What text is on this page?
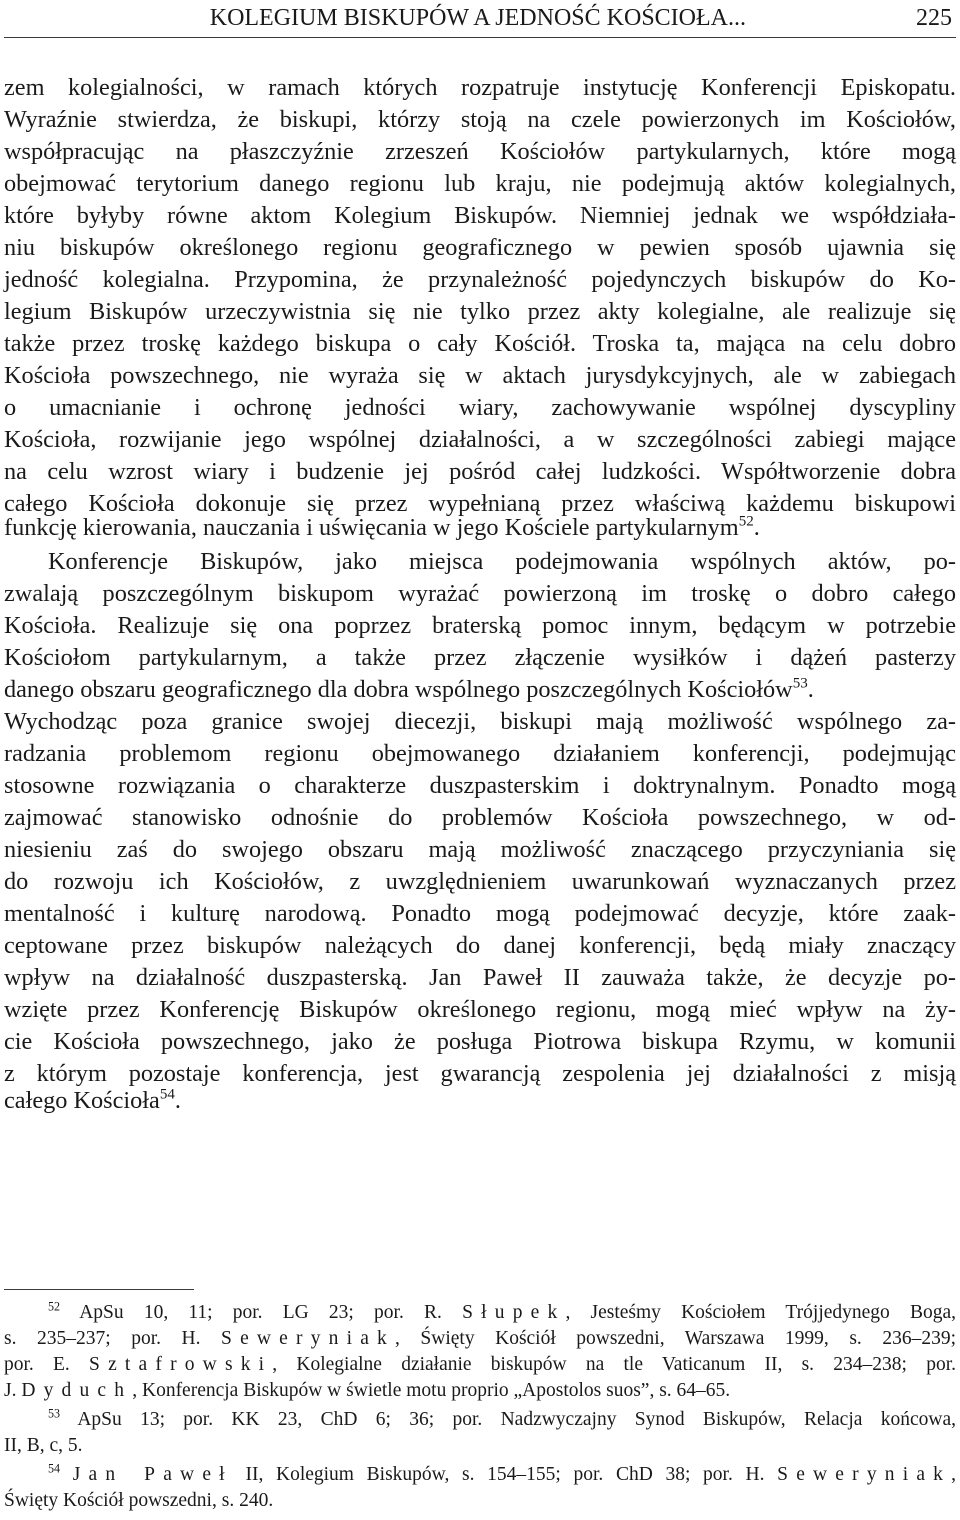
KOLEGIUM BISKUPÓW A JEDNOŚĆ KOŚCIOŁA...	225
zem kolegialności, w ramach których rozpatruje instytucję Konferencji Episkopatu.
Wyraźnie stwierdza, że biskupi, którzy stoją na czele powierzonych im Kościołów,
współpracując na płaszczyźnie zrzeszeń Kościołów partykularnych, które mogą
obejmować terytorium danego regionu lub kraju, nie podejmują aktów kolegialnych,
które byłyby równe aktom Kolegium Biskupów. Niemniej jednak we współdziała-
niu biskupów określonego regionu geograficznego w pewien sposób ujawnia się
jedność kolegialna. Przypomina, że przynależność pojedynczych biskupów do Ko-
legium Biskupów urzeczywistnia się nie tylko przez akty kolegialne, ale realizuje się
także przez troskę każdego biskupa o cały Kościół. Troska ta, mająca na celu dobro
Kościoła powszechnego, nie wyraża się w aktach jurysdykcyjnych, ale w zabiegach
o umacnianie i ochronę jedności wiary, zachowywanie wspólnej dyscypliny
Kościoła, rozwijanie jego wspólnej działalności, a w szczególności zabiegi mające
na celu wzrost wiary i budzenie jej pośród całej ludzkości. Współtworzenie dobra
całego Kościoła dokonuje się przez wypełnianą przez właściwą każdemu biskupowi
funkcję kierowania, nauczania i uświęcania w jego Kościele partykularnym$^{52}$.
Konferencje Biskupów, jako miejsca podejmowania wspólnych aktów, po-
zwalają poszczególnym biskupom wyrażać powierzoną im troskę o dobro całego
Kościoła. Realizuje się ona poprzez braterską pomoc innym, będącym w potrzebie
Kościołom partykularnym, a także przez złączenie wysiłków i dążeń pasterzy
danego obszaru geograficznego dla dobra wspólnego poszczególnych Kościołów$^{53}$.
Wychodząc poza granice swojej diecezji, biskupi mają możliwość wspólnego za-
radzania problemom regionu obejmowanego działaniem konferencji, podejmując
stosowne rozwiązania o charakterze duszpasterskim i doktrynalnym. Ponadto mogą
zajmować stanowisko odnośnie do problemów Kościoła powszechnego, w od-
niesieniu zaś do swojego obszaru mają możliwość znaczącego przyczyniania się
do rozwoju ich Kościołów, z uwzględnieniem uwarunkowań wyznaczanych przez
mentalność i kulturę narodową. Ponadto mogą podejmować decyzje, które zaak-
ceptowane przez biskupów należących do danej konferencji, będą miały znaczący
wpływ na działalność duszpasterską. Jan Paweł II zauważa także, że decyzje po-
wzięte przez Konferencję Biskupów określonego regionu, mogą mieć wpływ na ży-
cie Kościoła powszechnego, jako że posługa Piotrowa biskupa Rzymu, w komunii
z którym pozostaje konferencja, jest gwarancją zespolenia jej działalności z misją
całego Kościoła$^{54}$.
$^{52}$ ApSu 10, 11; por. LG 23; por. R. Słupek, Jesteśmy Kościołem Trójjedynego Boga,
s. 235–237; por. H. Seweryniak, Święty Kościół powszedni, Warszawa 1999, s. 236–239;
por. E. Sztafrowski, Kolegialne działanie biskupów na tle Vaticanum II, s. 234–238; por.
J. Dyduch, Konferencja Biskupów w świetle motu proprio „Apostolos suos”, s. 64–65.
$^{53}$ ApSu 13; por. KK 23, ChD 6; 36; por. Nadzwyczajny Synod Biskupów, Relacja końcowa,
II, B, c, 5.
$^{54}$ Jan Paweł II, Kolegium Biskupów, s. 154–155; por. ChD 38; por. H. Seweryniak,
Święty Kościół powszedni, s. 240.
